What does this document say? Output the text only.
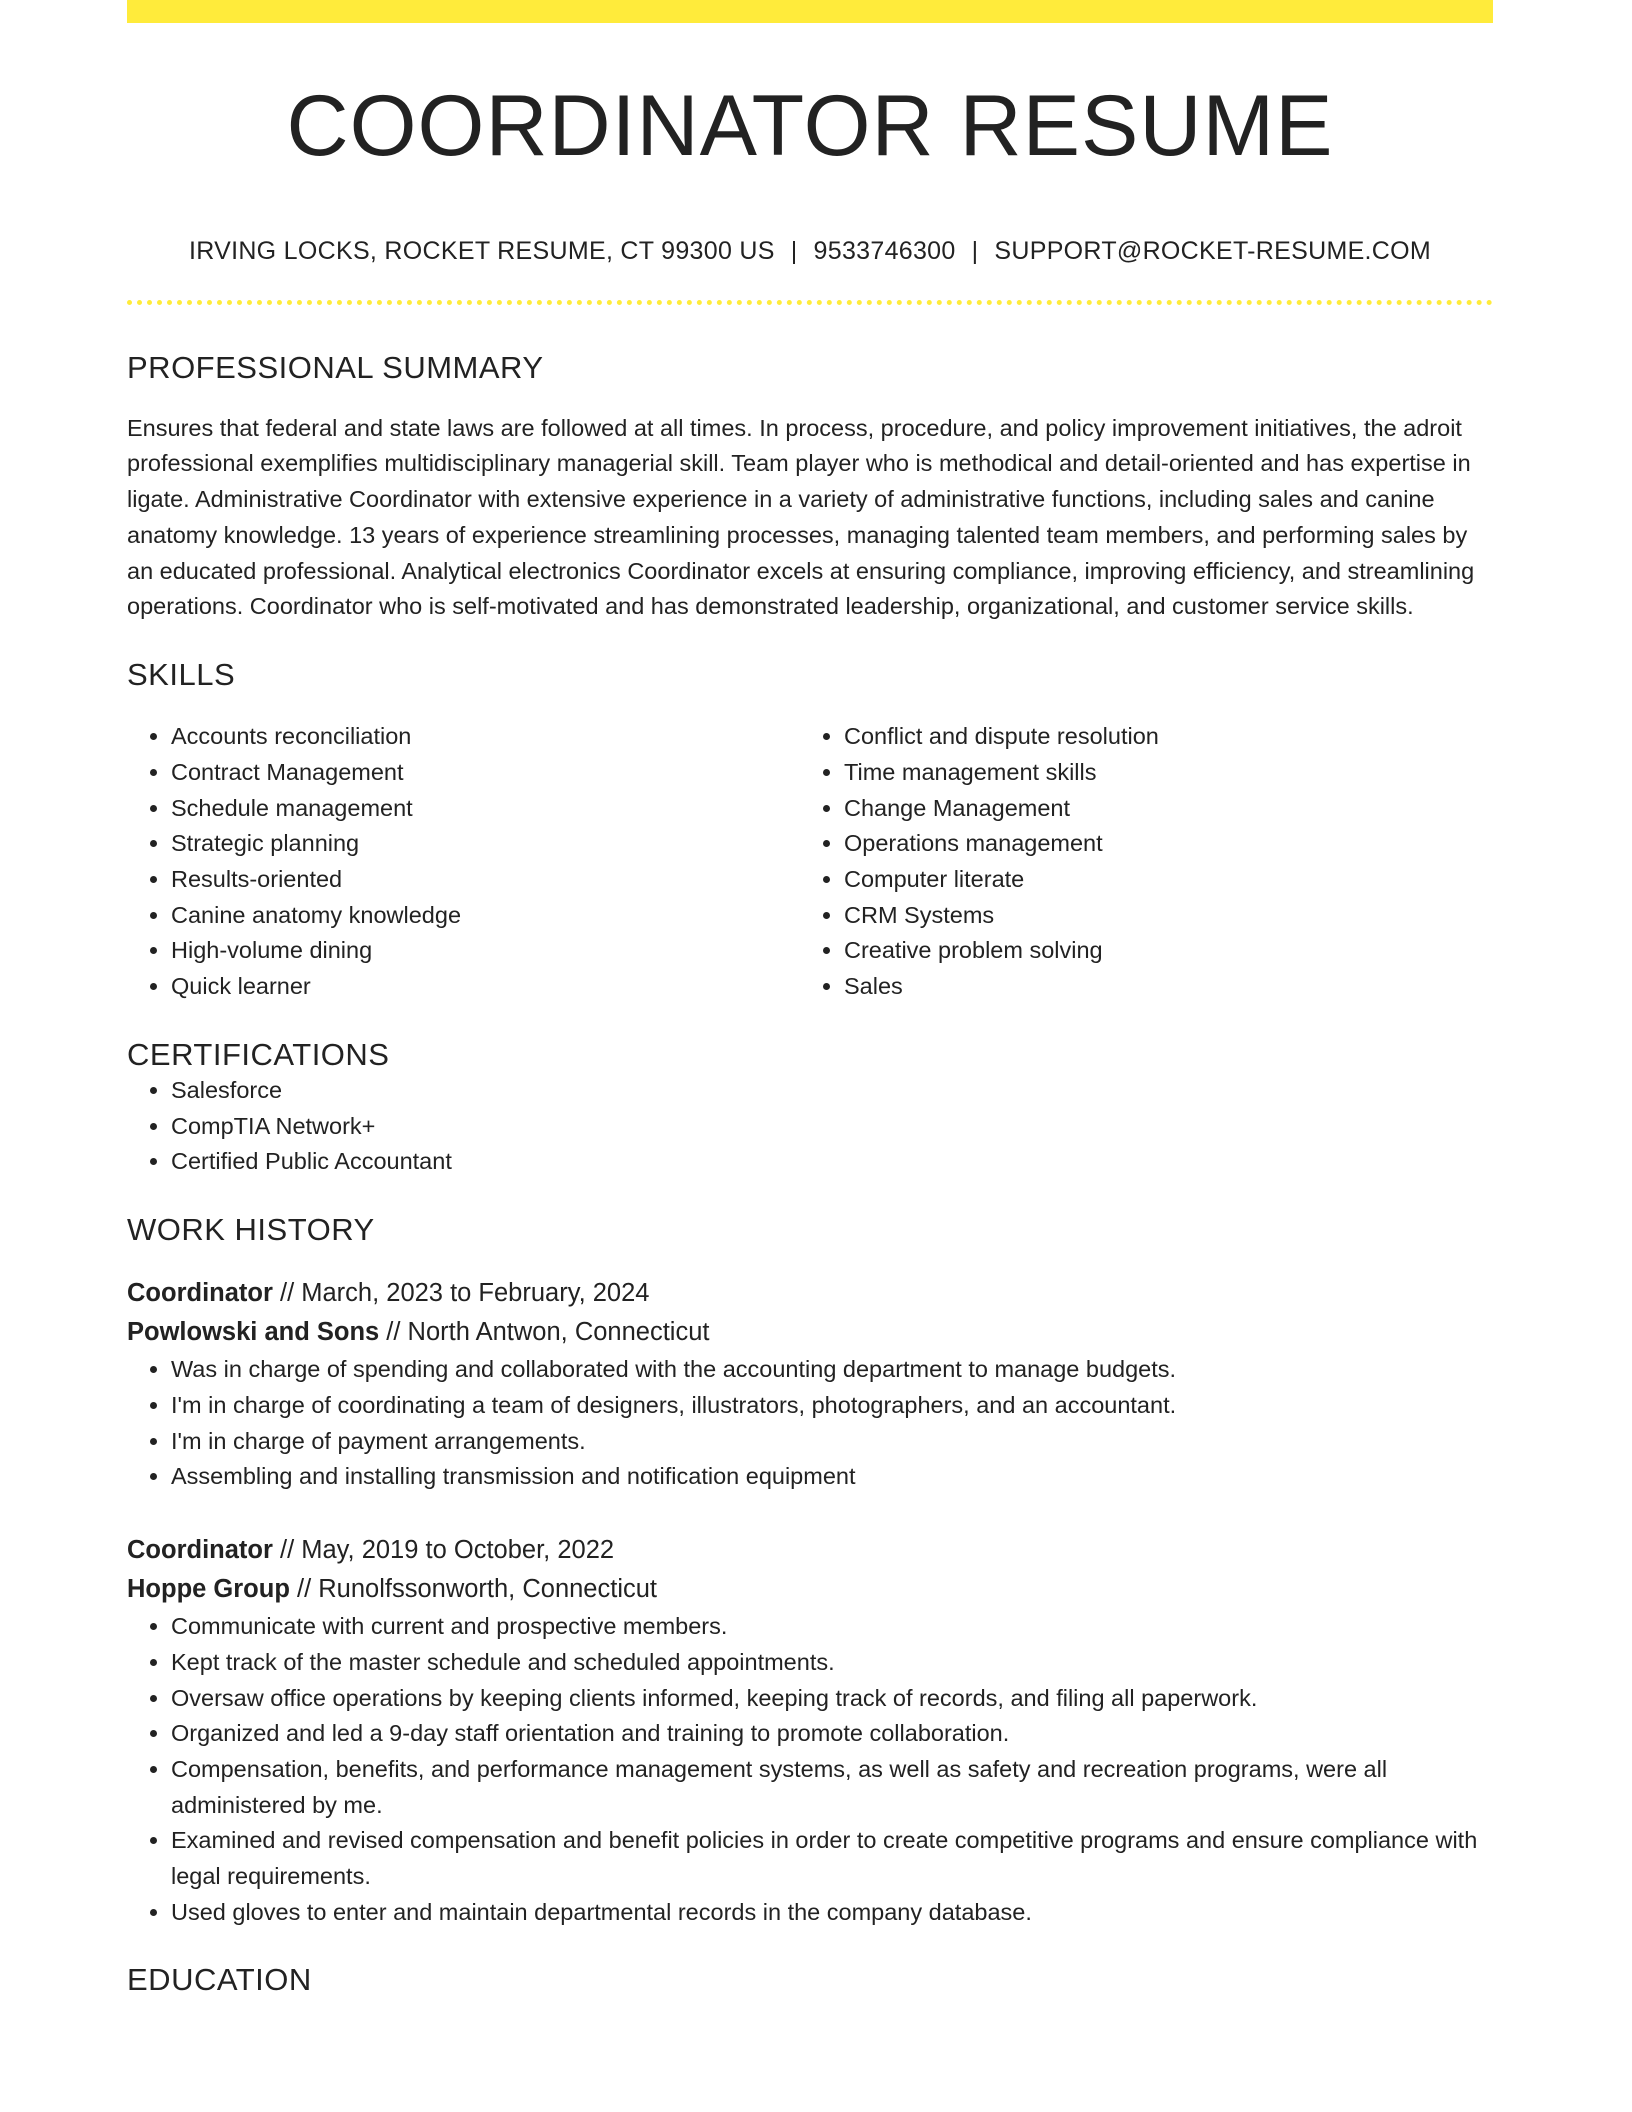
COORDINATOR RESUME
IRVING LOCKS, ROCKET RESUME, CT 99300 US | 9533746300 | SUPPORT@ROCKET-RESUME.COM
PROFESSIONAL SUMMARY

Ensures that federal and state laws are followed at all times. In process, procedure, and policy improvement initiatives, the adroit professional exemplifies multidisciplinary managerial skill. Team player who is methodical and detail-oriented and has expertise in ligate. Administrative Coordinator with extensive experience in a variety of administrative functions, including sales and canine anatomy knowledge. 13 years of experience streamlining processes, managing talented team members, and performing sales by an educated professional. Analytical electronics Coordinator excels at ensuring compliance, improving efficiency, and streamlining operations. Coordinator who is self-motivated and has demonstrated leadership, organizational, and customer service skills.

SKILLS
• Accounts reconciliation
• Contract Management
• Schedule management
• Strategic planning
• Results-oriented
• Canine anatomy knowledge
• High-volume dining
• Quick learner
• Conflict and dispute resolution
• Time management skills
• Change Management
• Operations management
• Computer literate
• CRM Systems
• Creative problem solving
• Sales
CERTIFICATIONS
• Salesforce
• CompTIA Network+
• Certified Public Accountant
WORK HISTORY
Coordinator // March, 2023 to February, 2024
Powlowski and Sons // North Antwon, Connecticut
• Was in charge of spending and collaborated with the accounting department to manage budgets.
• I'm in charge of coordinating a team of designers, illustrators, photographers, and an accountant.
• I'm in charge of payment arrangements.
• Assembling and installing transmission and notification equipment
Coordinator // May, 2019 to October, 2022
Hoppe Group // Runolfssonworth, Connecticut
• Communicate with current and prospective members.
• Kept track of the master schedule and scheduled appointments.
• Oversaw office operations by keeping clients informed, keeping track of records, and filing all paperwork.
• Organized and led a 9-day staff orientation and training to promote collaboration.
• Compensation, benefits, and performance management systems, as well as safety and recreation programs, were all administered by me.
• Examined and revised compensation and benefit policies in order to create competitive programs and ensure compliance with legal requirements.
• Used gloves to enter and maintain departmental records in the company database.
EDUCATION
